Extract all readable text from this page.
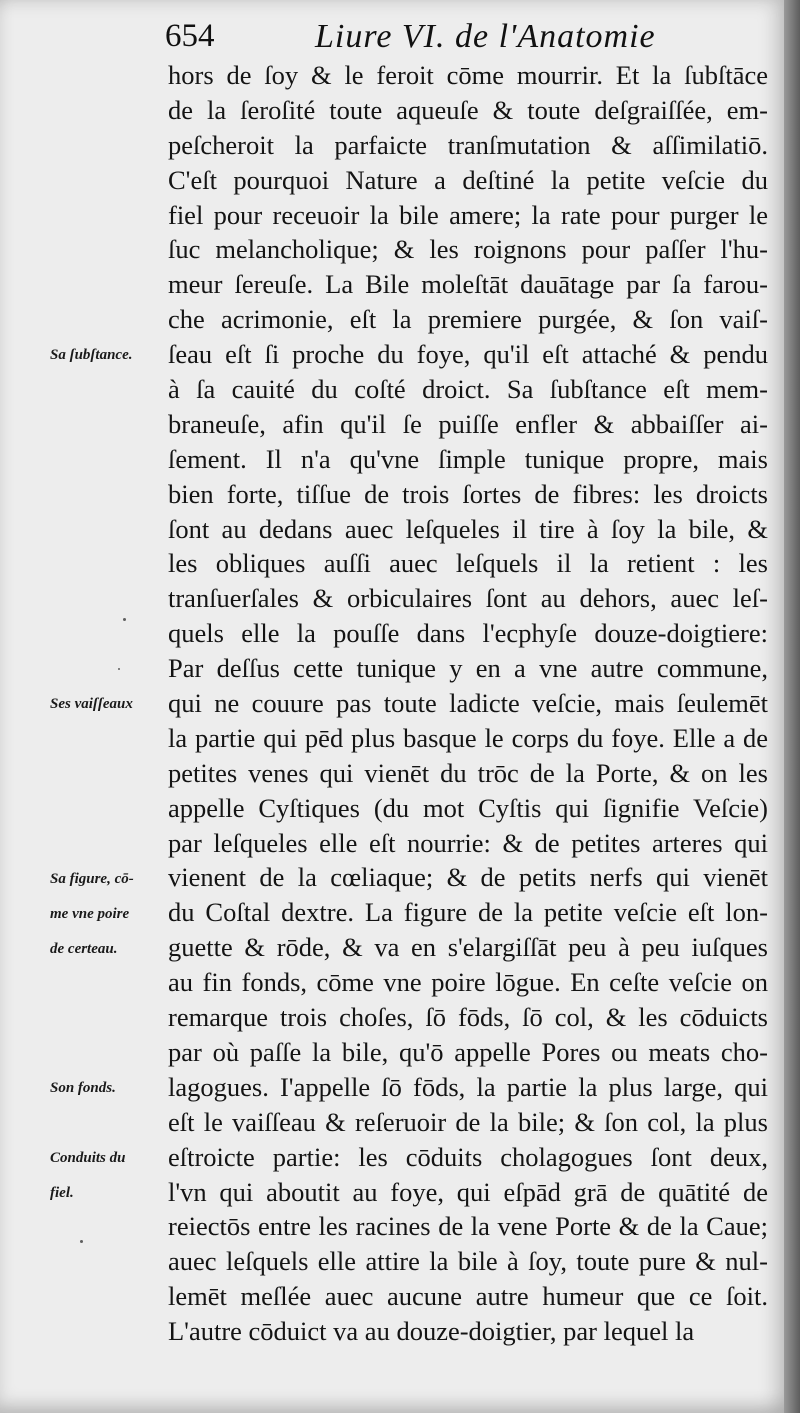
654	Liure VI. de l'Anatomie
hors de ſoy & le feroit cōme mourrir. Et la ſubſtāce
de la ſeroſité toute aqueuſe & toute deſgraiſſée, em-
peſcheroit la parfaicte tranſmutation & aſſimilatiō.
C'eſt pourquoi Nature a deſtiné la petite veſcie du
fiel pour receuoir la bile amere; la rate pour purger le
ſuc melancholique; & les roignons pour paſſer l'hu-
meur ſereuſe. La Bile moleſtāt dauātage par ſa farou-
che acrimonie, eſt la premiere purgée, & ſon vaiſ-
ſeau eſt ſi proche du foye, qu'il eſt attaché & pendu
à ſa cauité du coſté droict. Sa ſubſtance eſt mem-
braneuſe, afin qu'il ſe puiſſe enfler & abbaiſſer ai-
ſement. Il n'a qu'vne ſimple tunique propre, mais
bien forte, tiſſue de trois ſortes de fibres: les droicts
ſont au dedans auec leſqueles il tire à ſoy la bile, &
les obliques auſſi auec leſquels il la retient : les
tranſuerſales & orbiculaires ſont au dehors, auec leſ-
quels elle la pouſſe dans l'ecphyſe douze-doigtiere:
Par deſſus cette tunique y en a vne autre commune,
qui ne couure pas toute ladicte veſcie, mais ſeulemēt
la partie qui pēd plus basque le corps du foye. Elle a de
petites venes qui vienēt du trōc de la Porte, & on les
appelle Cyſtiques (du mot Cyſtis qui ſignifie Veſcie)
par leſqueles elle eſt nourrie: & de petites arteres qui
vienent de la cœliaque; & de petits nerfs qui vienēt
du Coſtal dextre. La figure de la petite veſcie eſt lon-
guette & rōde, & va en s'elargiſſāt peu à peu iuſques
au fin fonds, cōme vne poire lōgue. En ceſte veſcie on
remarque trois choſes, ſō fōds, ſō col, & les cōduicts
par où paſſe la bile, qu'ō appelle Pores ou meats cho-
lagogues. I'appelle ſō fōds, la partie la plus large, qui
eſt le vaiſſeau & reſeruoir de la bile; & ſon col, la plus
eſtroicte partie: les cōduits cholagogues ſont deux,
l'vn qui aboutit au foye, qui eſpād grā de quātité de
reiectōs entre les racines de la vene Porte & de la Caue;
auec leſquels elle attire la bile à ſoy, toute pure & nul-
lemēt meſlée auec aucune autre humeur que ce ſoit.
L'autre cōduict va au douze-doigtier, par lequel la
Sa ſubſtance.
Ses vaiſſeaux
Sa figure, cō-
me vne poire
de certeau.
Son fonds.
Conduits du
fiel.
